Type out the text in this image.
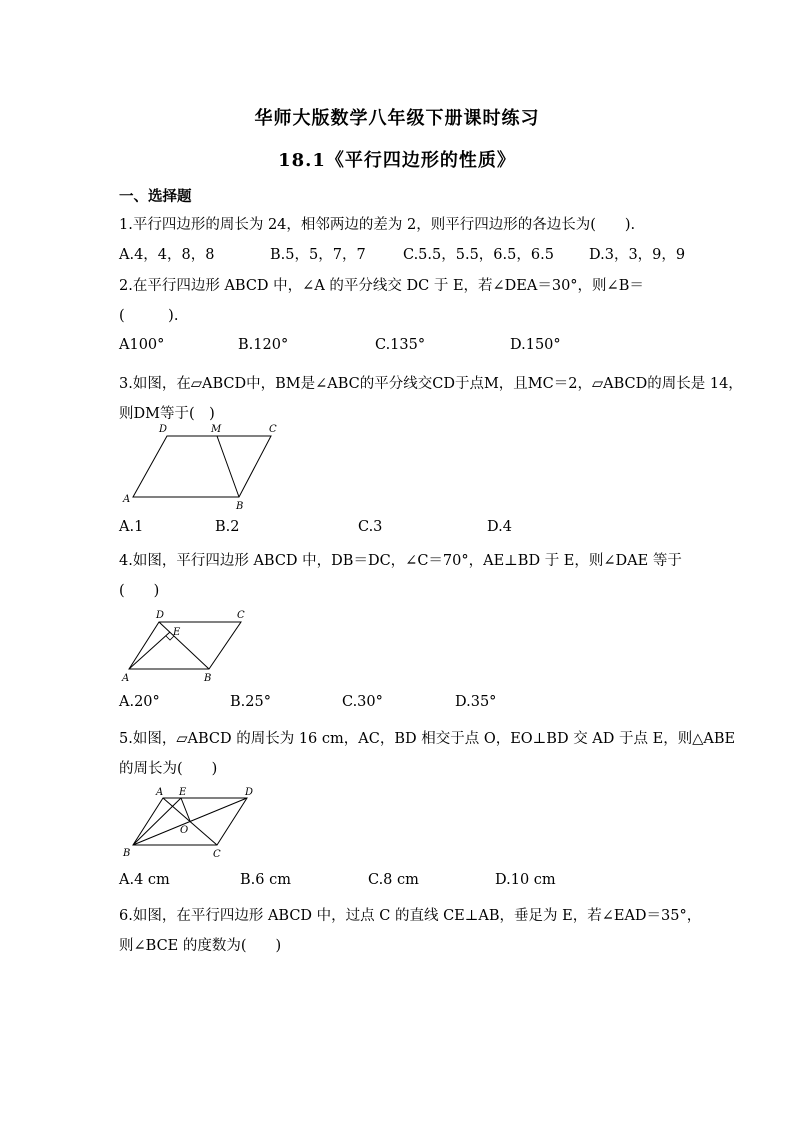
华师大版数学八年级下册课时练习
18.1《平行四边形的性质》
一、选择题
1.平行四边形的周长为 24，相邻两边的差为 2，则平行四边形的各边长为(　　).
A.4，4，8，8	B.5，5，7，7	C.5.5，5.5，6.5，6.5 D.3，3，9，9
2.在平行四边形 ABCD 中，∠A 的平分线交 DC 于 E，若∠DEA＝30°，则∠B＝
(　　　).
A100°	B.120°	C.135°	D.150°
3.如图，在▱ABCD中，BM是∠ABC的平分线交CD于点M，且MC＝2，▱ABCD的周长是 14，
则DM等于(　)
D	M	C
A
B
A.1	B.2	C.3	D.4
4.如图，平行四边形 ABCD 中，DB＝DC，∠C＝70°，AE⊥BD 于 E，则∠DAE 等于
(　　)
D
E
C
A	B
A.20°	B.25°	C.30°	D.35°
5.如图，▱ABCD 的周长为 16 cm，AC，BD 相交于点 O，EO⊥BD 交 AD 于点 E，则△ABE
的周长为(　　)
A E	D
O
B	C
A.4 cm	B.6 cm	C.8 cm	D.10 cm
6.如图，在平行四边形 ABCD 中，过点 C 的直线 CE⊥AB，垂足为 E，若∠EAD＝35°，
则∠BCE 的度数为(　　)
